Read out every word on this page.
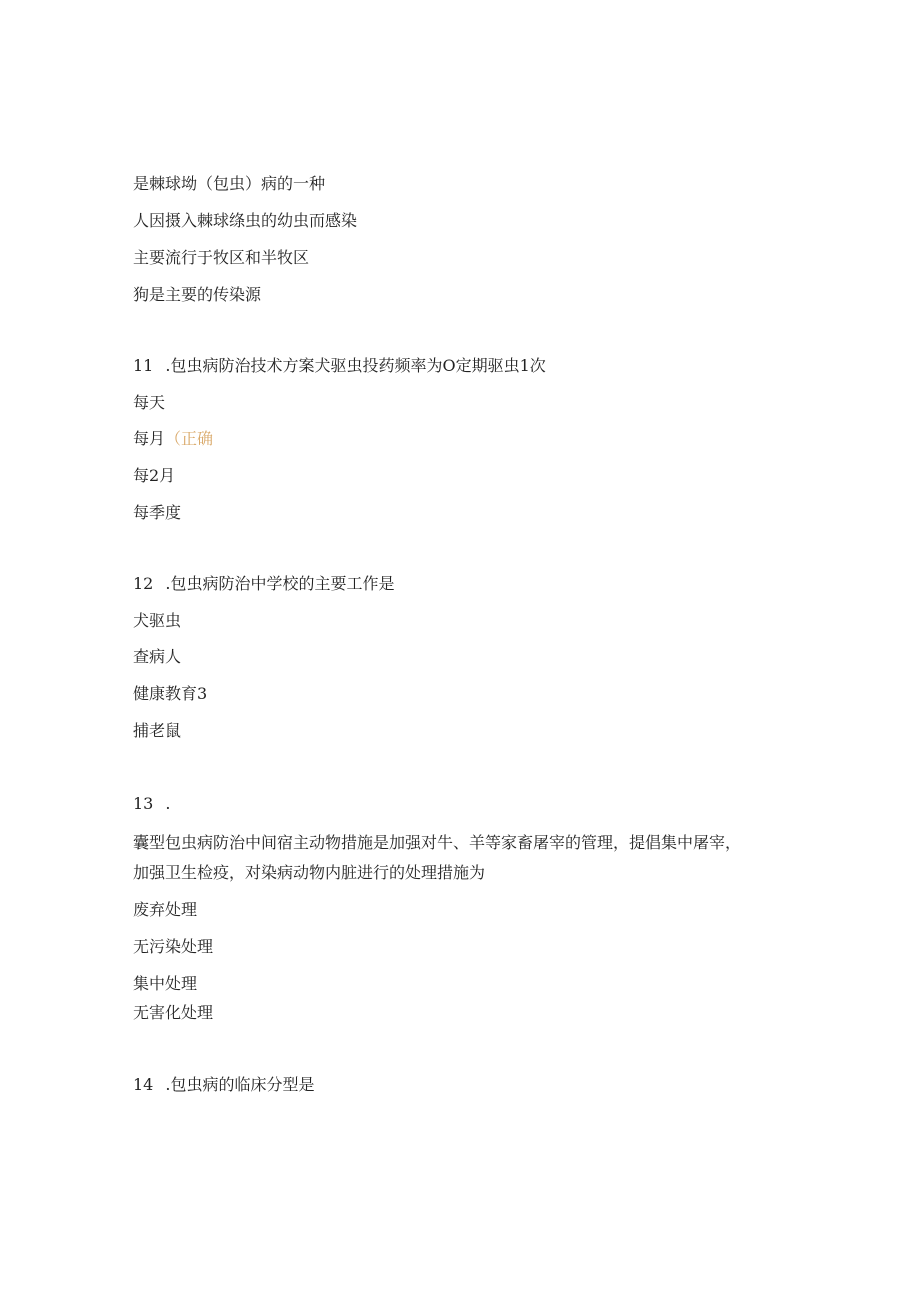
是棘球坳（包虫）病的一种
人因摄入棘球绦虫的幼虫而感染
主要流行于牧区和半牧区
狗是主要的传染源
11 .包虫病防治技术方案犬驱虫投药频率为O定期驱虫1次
每天
每月（正确
每2月
每季度
12 .包虫病防治中学校的主要工作是
犬驱虫
查病人
健康教育3
捕老鼠
13 .
囊型包虫病防治中间宿主动物措施是加强对牛、羊等家畜屠宰的管理，提倡集中屠宰，
加强卫生检疫，对染病动物内脏进行的处理措施为
废弃处理
无污染处理
集中处理
无害化处理
14 .包虫病的临床分型是
